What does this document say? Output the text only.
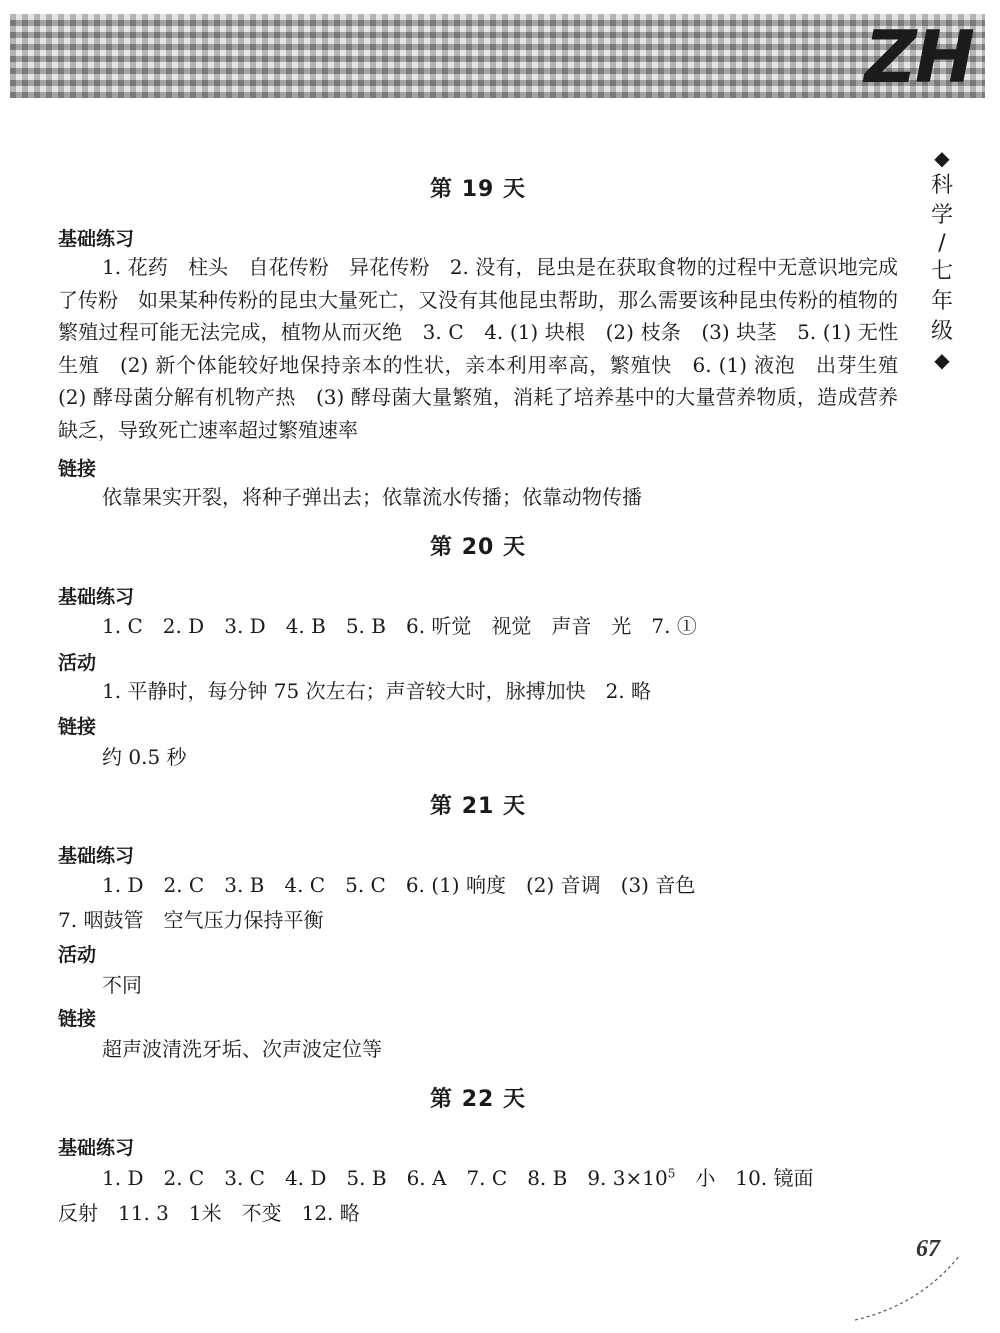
ZH
◆
科
学
/
七
年
级
◆
第 19 天
基础练习
1. 花药　柱头　自花传粉　异花传粉　2. 没有，昆虫是在获取食物的过程中无意识地完成了传粉　如果某种传粉的昆虫大量死亡，又没有其他昆虫帮助，那么需要该种昆虫传粉的植物的繁殖过程可能无法完成，植物从而灭绝　3. C　4. (1) 块根　(2) 枝条　(3) 块茎　5. (1) 无性生殖　(2) 新个体能较好地保持亲本的性状，亲本利用率高，繁殖快　6. (1) 液泡　出芽生殖　(2) 酵母菌分解有机物产热　(3) 酵母菌大量繁殖，消耗了培养基中的大量营养物质，造成营养缺乏，导致死亡速率超过繁殖速率
链接
依靠果实开裂，将种子弹出去；依靠流水传播；依靠动物传播
第 20 天
基础练习
1. C　2. D　3. D　4. B　5. B　6. 听觉　视觉　声音　光　7. ①
活动
1. 平静时，每分钟 75 次左右；声音较大时，脉搏加快　2. 略
链接
约 0.5 秒
第 21 天
基础练习
1. D　2. C　3. B　4. C　5. C　6. (1) 响度　(2) 音调　(3) 音色
7. 咽鼓管　空气压力保持平衡
活动
不同
链接
超声波清洗牙垢、次声波定位等
第 22 天
基础练习
1. D　2. C　3. C　4. D　5. B　6. A　7. C　8. B　9. $3\times 10^5$　小　10. 镜面
反射　11. 3　1米　不变　12. 略
67
